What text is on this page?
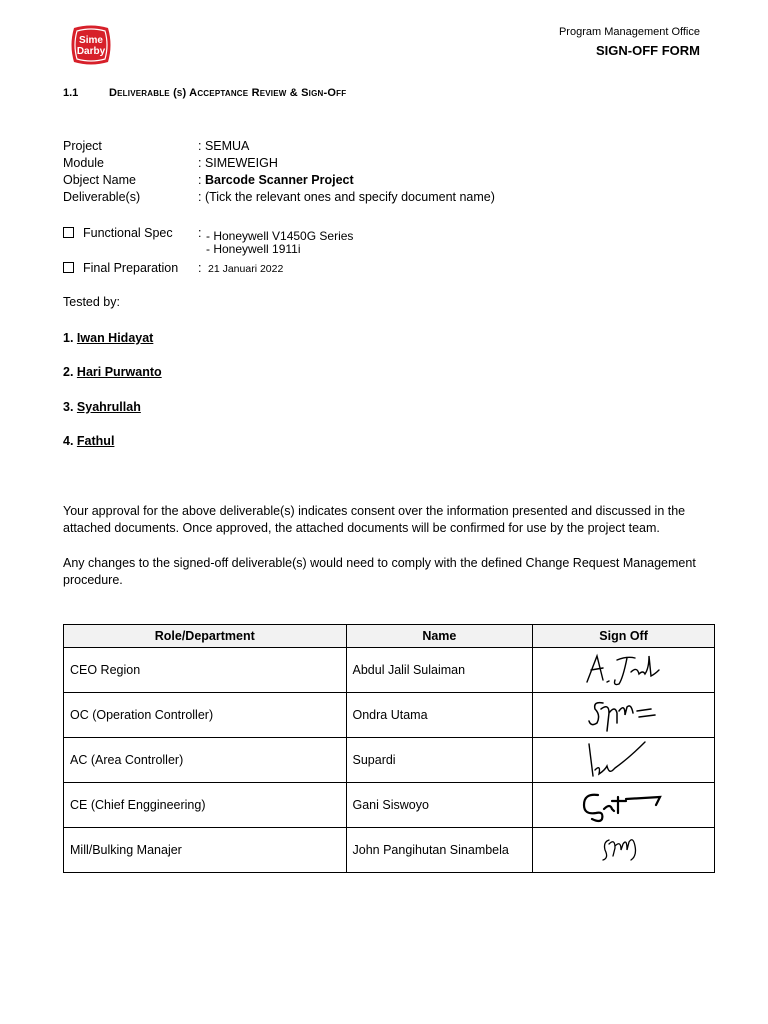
Sime
Darby
Program Management Office
SIGN-OFF FORM
1.1	Deliverable (s) Acceptance Review & Sign-Off
Project	: SEMUA
Module	: SIMEWEIGH
Object Name	: Barcode Scanner Project
Deliverable(s)	: (Tick the relevant ones and specify document name)
Functional Spec : - Honeywell V1450G Series
- Honeywell 1911i
Final Preparation : 21 Januari 2022
Tested by:
1. Iwan Hidayat
2. Hari Purwanto
3. Syahrullah
4. Fathul
Your approval for the above deliverable(s) indicates consent over the information presented and discussed in the attached documents. Once approved, the attached documents will be confirmed for use by the project team.
Any changes to the signed-off deliverable(s) would need to comply with the defined Change Request Management procedure.
Role/Department	Name	Sign Off
CEO Region	Abdul Jalil Sulaiman	

OC (Operation Controller)	Ondra Utama	

AC (Area Controller)	Supardi	

CE (Chief Enggineering)	Gani Siswoyo	

Mill/Bulking Manajer	John Pangihutan Sinambela	
